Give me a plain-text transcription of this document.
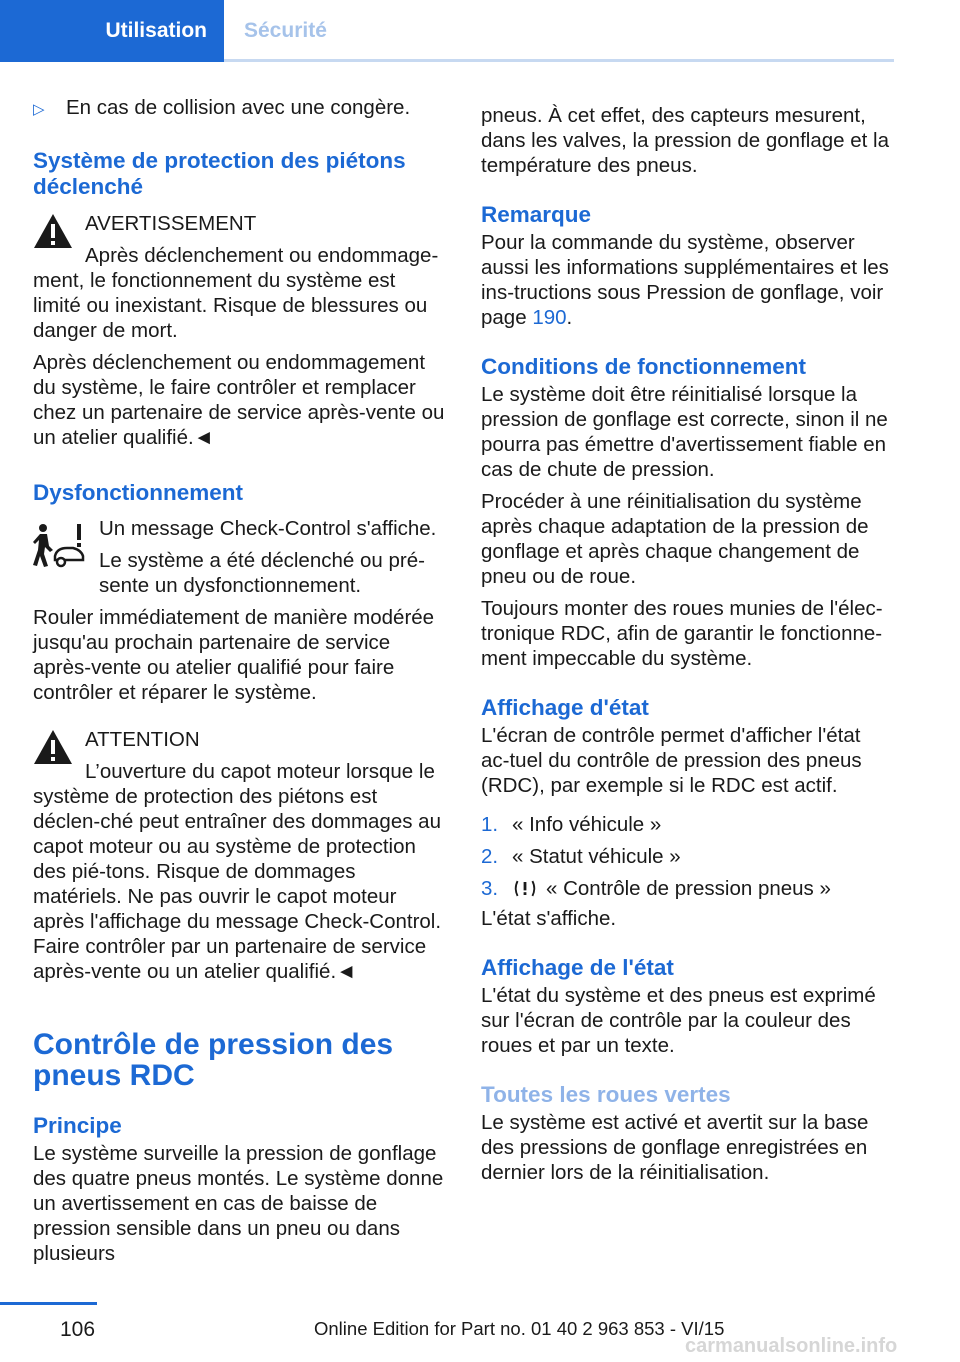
Utilisation	Sécurité
▷	En cas de collision avec une congère.

Système de protection des piétons déclenché

AVERTISSEMENT

Après déclenchement ou endommage-

ment, le fonctionnement du système est limité ou inexistant. Risque de blessures ou danger de mort.

Après déclenchement ou endommagement du système, le faire contrôler et remplacer chez un partenaire de service après-vente ou un atelier qualifié.◄

Dysfonctionnement

Un message Check-Control s'affiche.

Le système a été déclenché ou pré- sente un dysfonctionnement.

Rouler immédiatement de manière modérée jusqu'au prochain partenaire de service après-vente ou atelier qualifié pour faire contrôler et réparer le système.

ATTENTION

L’ouverture du capot moteur lorsque le

système de protection des piétons est déclen-ché peut entraîner des dommages au capot moteur ou au système de protection des pié-tons. Risque de dommages matériels. Ne pas ouvrir le capot moteur après l'affichage du message Check-Control. Faire contrôler par un partenaire de service après-vente ou un atelier qualifié.◄

Contrôle de pression des pneus RDC

Principe

Le système surveille la pression de gonflage des quatre pneus montés. Le système donne un avertissement en cas de baisse de pression sensible dans un pneu ou dans plusieurs

pneus. À cet effet, des capteurs mesurent, dans les valves, la pression de gonflage et la température des pneus.

Remarque

Pour la commande du système, observer aussi les informations supplémentaires et les ins-tructions sous Pression de gonflage, voir page 190.

Conditions de fonctionnement

Le système doit être réinitialisé lorsque la pression de gonflage est correcte, sinon il ne pourra pas émettre d'avertissement fiable en cas de chute de pression.

Procéder à une réinitialisation du système après chaque adaptation de la pression de gonflage et après chaque changement de pneu ou de roue.

Toujours monter des roues munies de l'élec-tronique RDC, afin de garantir le fonctionne-ment impeccable du système.

Affichage d'état

L'écran de contrôle permet d'afficher l'état ac-tuel du contrôle de pression des pneus (RDC), par exemple si le RDC est actif.

1. « Info véhicule »
2. « Statut véhicule »
3.	« Contrôle de pression pneus »

L'état s'affiche.

Affichage de l'état

L'état du système et des pneus est exprimé sur l'écran de contrôle par la couleur des roues et par un texte.

Toutes les roues vertes

Le système est activé et avertit sur la base des pressions de gonflage enregistrées en dernier lors de la réinitialisation.

106	Online Edition for Part no. 01 40 2 963 853 - VI/15
carmanualsonline.info
